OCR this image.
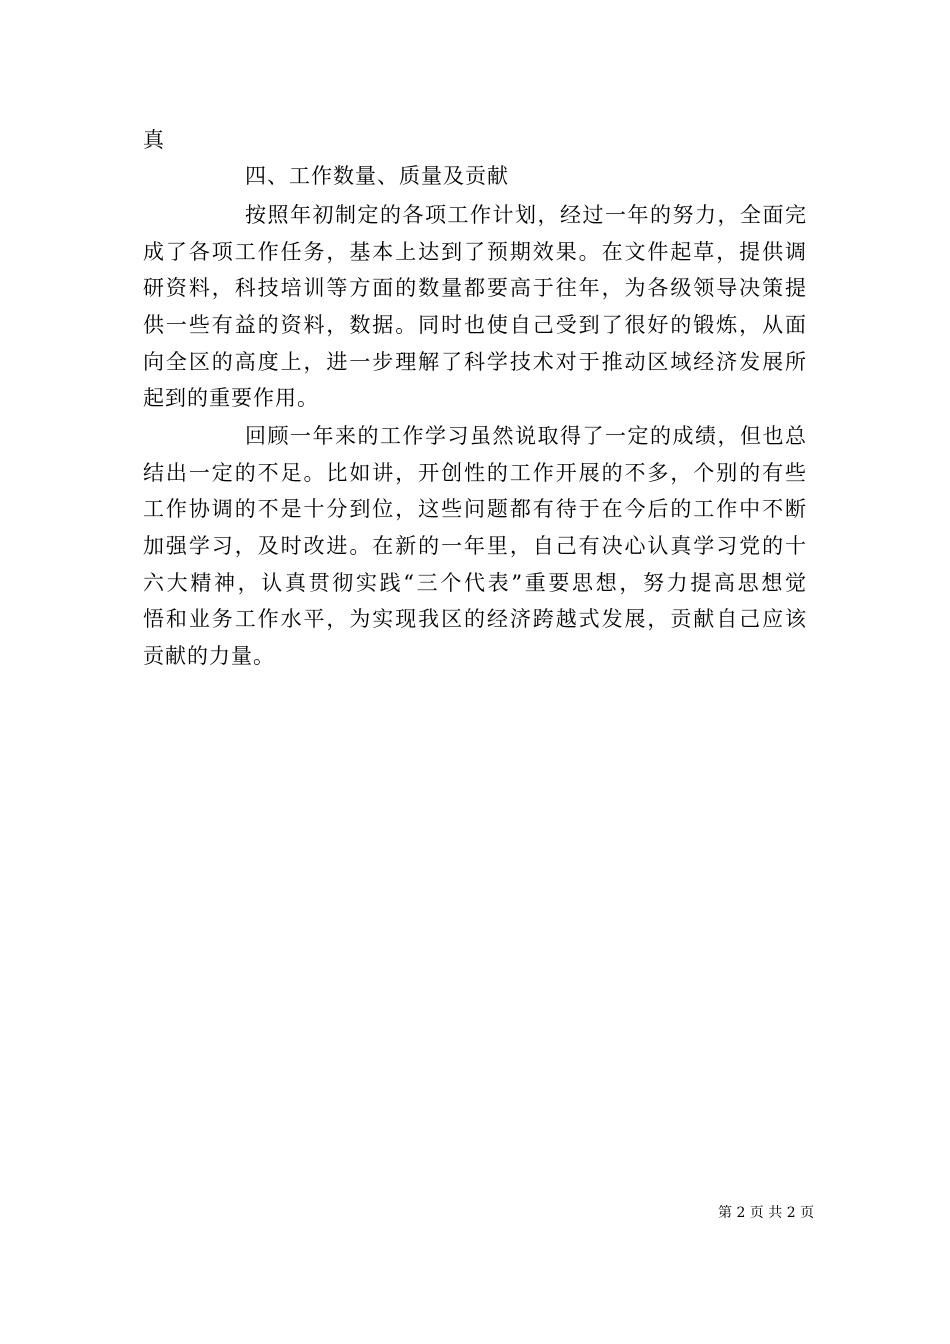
真
四、工作数量、质量及贡献
按照年初制定的各项工作计划，经过一年的努力，全面完
成了各项工作任务，基本上达到了预期效果。在文件起草，提供调
研资料，科技培训等方面的数量都要高于往年，为各级领导决策提
供一些有益的资料，数据。同时也使自己受到了很好的锻炼，从面
向全区的高度上，进一步理解了科学技术对于推动区域经济发展所
起到的重要作用。
回顾一年来的工作学习虽然说取得了一定的成绩，但也总
结出一定的不足。比如讲，开创性的工作开展的不多，个别的有些
工作协调的不是十分到位，这些问题都有待于在今后的工作中不断
加强学习，及时改进。在新的一年里，自己有决心认真学习党的十
六大精神，认真贯彻实践“三个代表”重要思想，努力提高思想觉
悟和业务工作水平，为实现我区的经济跨越式发展，贡献自己应该
贡献的力量。
第 2 页 共 2 页
